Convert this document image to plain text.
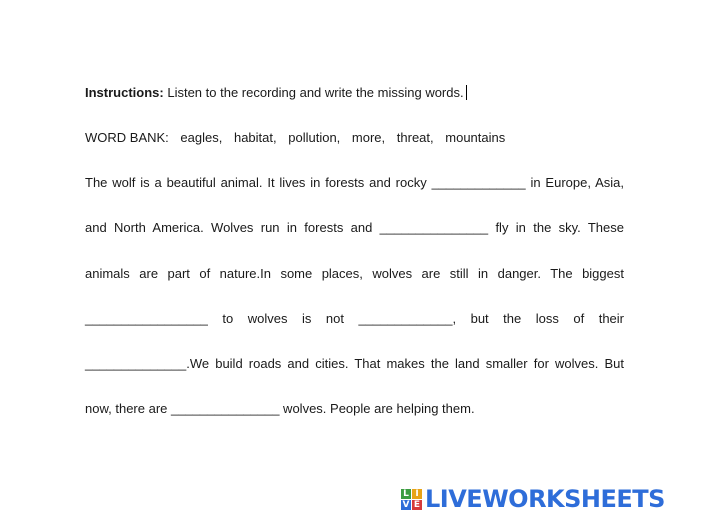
Instructions: Listen to the recording and write the missing words.
WORD BANK: eagles, habitat, pollution, more, threat, mountains
The wolf is a beautiful animal. It lives in forests and rocky _____________ in Europe, Asia,
and North America. Wolves run in forests and _______________ fly in the sky. These
animals are part of nature.In some places, wolves are still in danger. The biggest
_________________ to wolves is not _____________, but the loss of their
______________.We build roads and cities. That makes the land smaller for wolves. But
now, there are _______________ wolves. People are helping them.
L I
V E LIVEWORKSHEETS
